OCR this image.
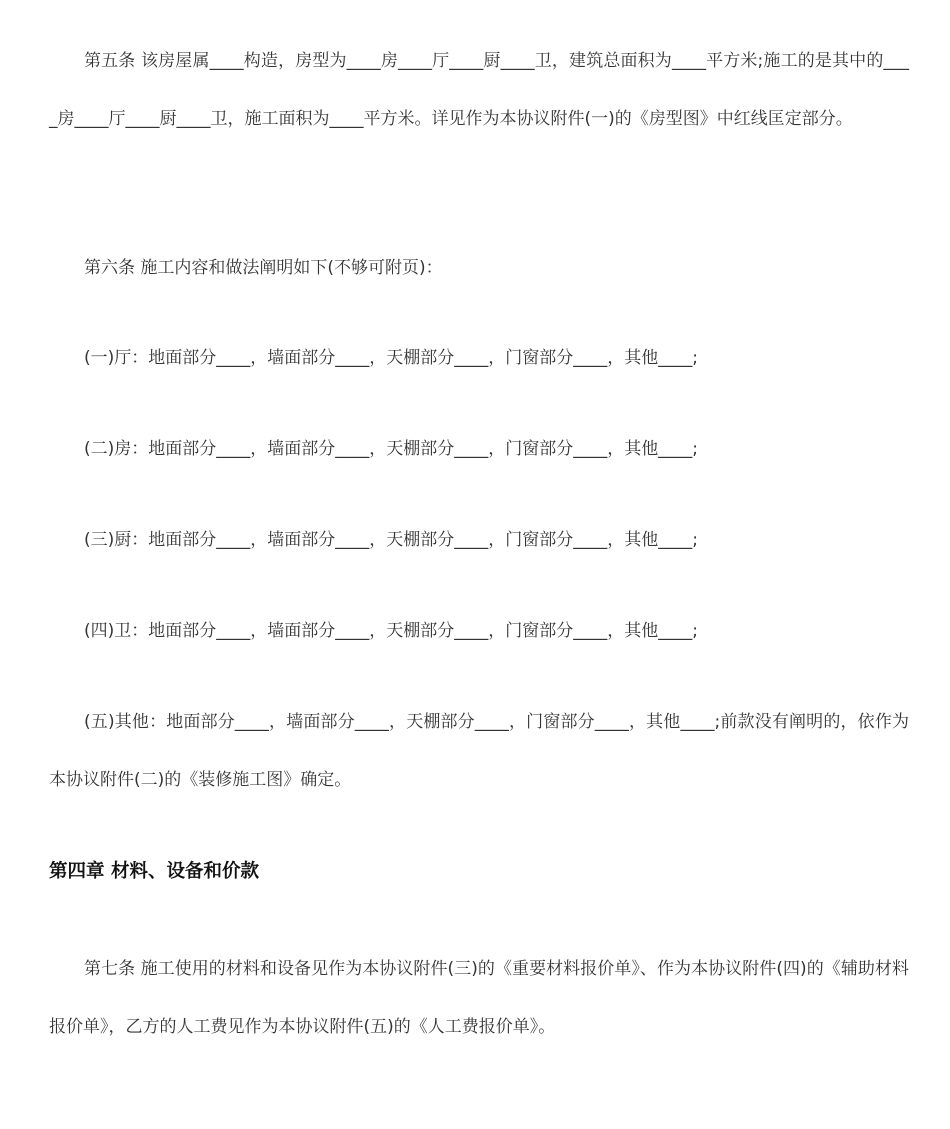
第五条 该房屋属____构造，房型为____房____厅____厨____卫，建筑总面积为____平方米;施工的是其中的____房____厅____厨____卫，施工面积为____平方米。详见作为本协议附件(一)的《房型图》中红线匡定部分。

第六条 施工内容和做法阐明如下(不够可附页)：

(一)厅：地面部分____，墙面部分____，天棚部分____，门窗部分____，其他____;

(二)房：地面部分____，墙面部分____，天棚部分____，门窗部分____，其他____;

(三)厨：地面部分____，墙面部分____，天棚部分____，门窗部分____，其他____;

(四)卫：地面部分____，墙面部分____，天棚部分____，门窗部分____，其他____;

(五)其他：地面部分____，墙面部分____，天棚部分____，门窗部分____，其他____;前款没有阐明的，依作为本协议附件(二)的《装修施工图》确定。

第四章 材料、设备和价款

第七条 施工使用的材料和设备见作为本协议附件(三)的《重要材料报价单》、作为本协议附件(四)的《辅助材料报价单》，乙方的人工费见作为本协议附件(五)的《人工费报价单》。
